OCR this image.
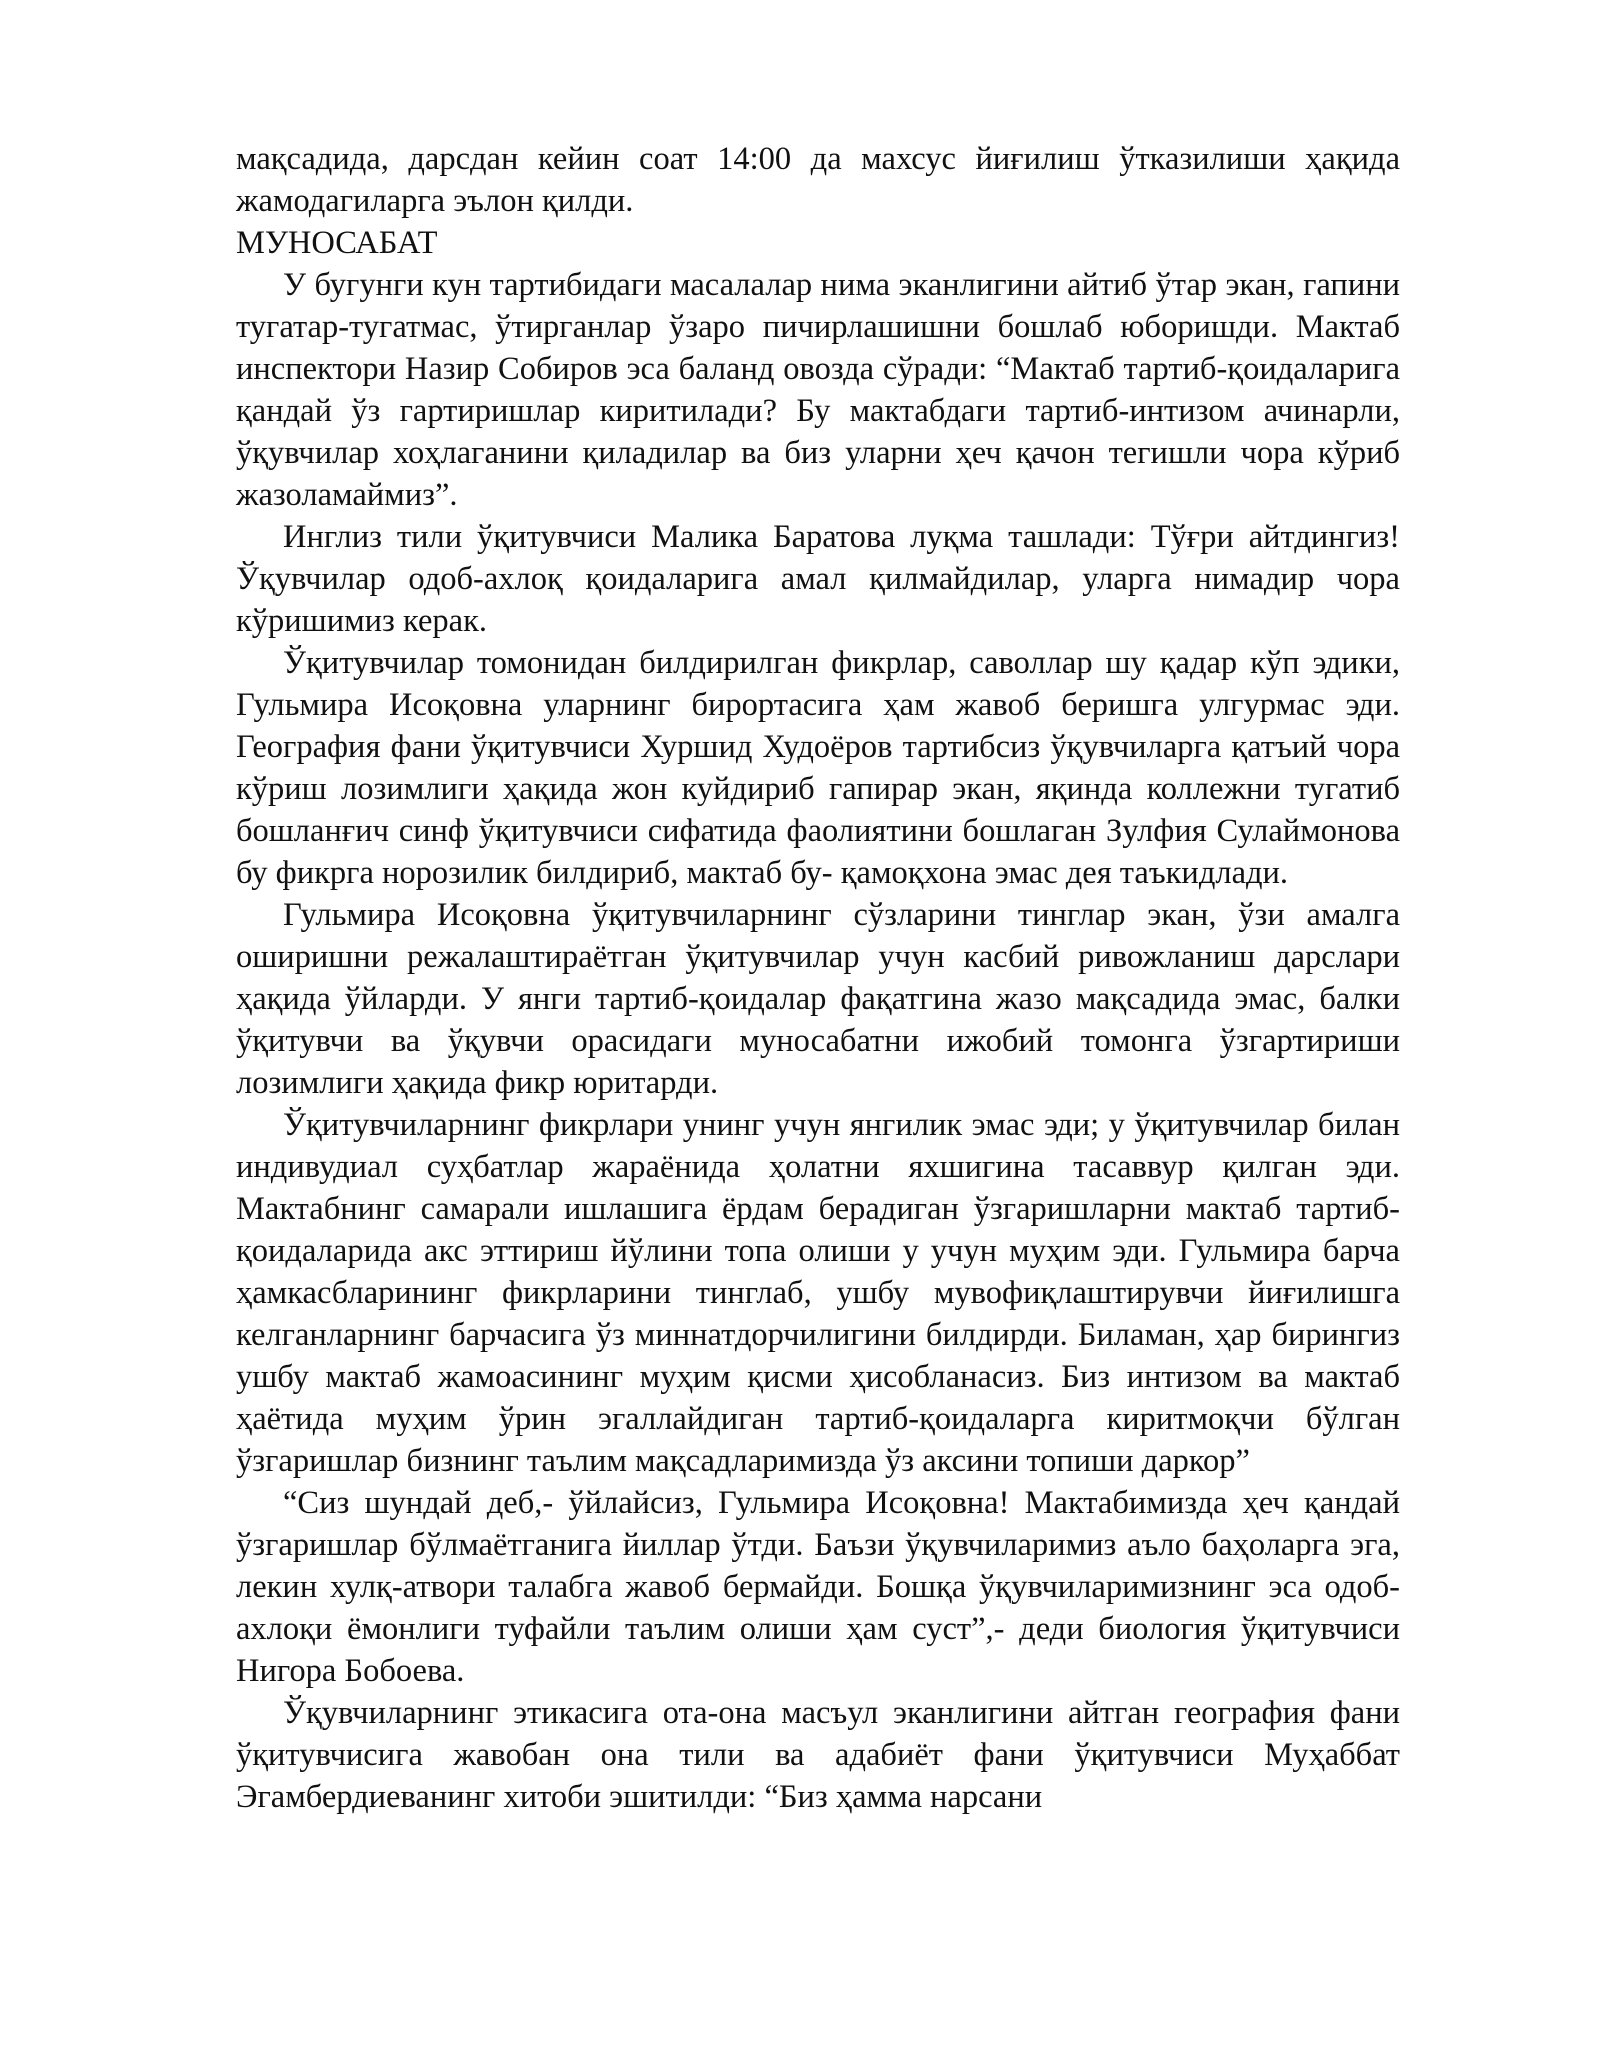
мақсадида, дарсдан кейин соат 14:00 да махсус йиғилиш ўтказилиши ҳақида жамодагиларга эълон қилди.

МУНОСАБАТ

У бугунги кун тартибидаги масалалар нима эканлигини айтиб ўтар экан, гапини тугатар-тугатмас, ўтирганлар ўзаро пичирлашишни бошлаб юборишди. Мактаб инспектори Назир Собиров эса баланд овозда сўради: “Мактаб тартиб-қоидаларига қандай ўз гартиришлар киритилади? Бу мактабдаги тартиб-интизом ачинарли, ўқувчилар хоҳлаганини қиладилар ва биз уларни ҳеч қачон тегишли чора кўриб жазоламаймиз”.

Инглиз тили ўқитувчиси Малика Баратова луқма ташлади: Тўғри айтдингиз! Ўқувчилар одоб-ахлоқ қоидаларига амал қилмайдилар, уларга нимадир чора кўришимиз керак.

Ўқитувчилар томонидан билдирилган фикрлар, саволлар шу қадар кўп эдики, Гульмира Исоқовна уларнинг бирортасига ҳам жавоб беришга улгурмас эди. География фани ўқитувчиси Хуршид Худоёров тартибсиз ўқувчиларга қатъий чора кўриш лозимлиги ҳақида жон куйдириб гапирар экан, яқинда коллежни тугатиб бошланғич синф ўқитувчиси сифатида фаолиятини бошлаган Зулфия Сулаймонова бу фикрга норозилик билдириб, мактаб бу- қамоқхона эмас дея таъкидлади.

Гульмира Исоқовна ўқитувчиларнинг сўзларини тинглар экан, ўзи амалга оширишни режалаштираётган ўқитувчилар учун касбий ривожланиш дарслари ҳақида ўйларди. У янги тартиб-қоидалар фақатгина жазо мақсадида эмас, балки ўқитувчи ва ўқувчи орасидаги муносабатни ижобий томонга ўзгартириши лозимлиги ҳақида фикр юритарди.

Ўқитувчиларнинг фикрлари унинг учун янгилик эмас эди; у ўқитувчилар билан индивудиал суҳбатлар жараёнида ҳолатни яхшигина тасаввур қилган эди. Мактабнинг самарали ишлашига ёрдам берадиган ўзгаришларни мактаб тартиб-қоидаларида акс эттириш йўлини топа олиши у учун муҳим эди. Гульмира барча ҳамкасбларининг фикрларини тинглаб, ушбу мувофиқлаштирувчи йиғилишга келганларнинг барчасига ўз миннатдорчилигини билдирди. Биламан, ҳар бирингиз ушбу мактаб жамоасининг муҳим қисми ҳисобланасиз. Биз интизом ва мактаб ҳаётида муҳим ўрин эгаллайдиган тартиб-қоидаларга киритмоқчи бўлган ўзгаришлар бизнинг таълим мақсадларимизда ўз аксини топиши даркор”

“Сиз шундай деб,- ўйлайсиз, Гульмира Исоқовна! Мактабимизда ҳеч қандай ўзгаришлар бўлмаётганига йиллар ўтди. Баъзи ўқувчиларимиз аъло баҳоларга эга, лекин хулқ-атвори талабга жавоб бермайди. Бошқа ўқувчиларимизнинг эса одоб-ахлоқи ёмонлиги туфайли таълим олиши ҳам суст”,- деди биология ўқитувчиси Нигора Бобоева.

Ўқувчиларнинг этикасига ота-она масъул эканлигини айтган география фани ўқитувчисига жавобан она тили ва адабиёт фани ўқитувчиси Муҳаббат Эгамбердиеванинг хитоби эшитилди: “Биз ҳамма нарсани
